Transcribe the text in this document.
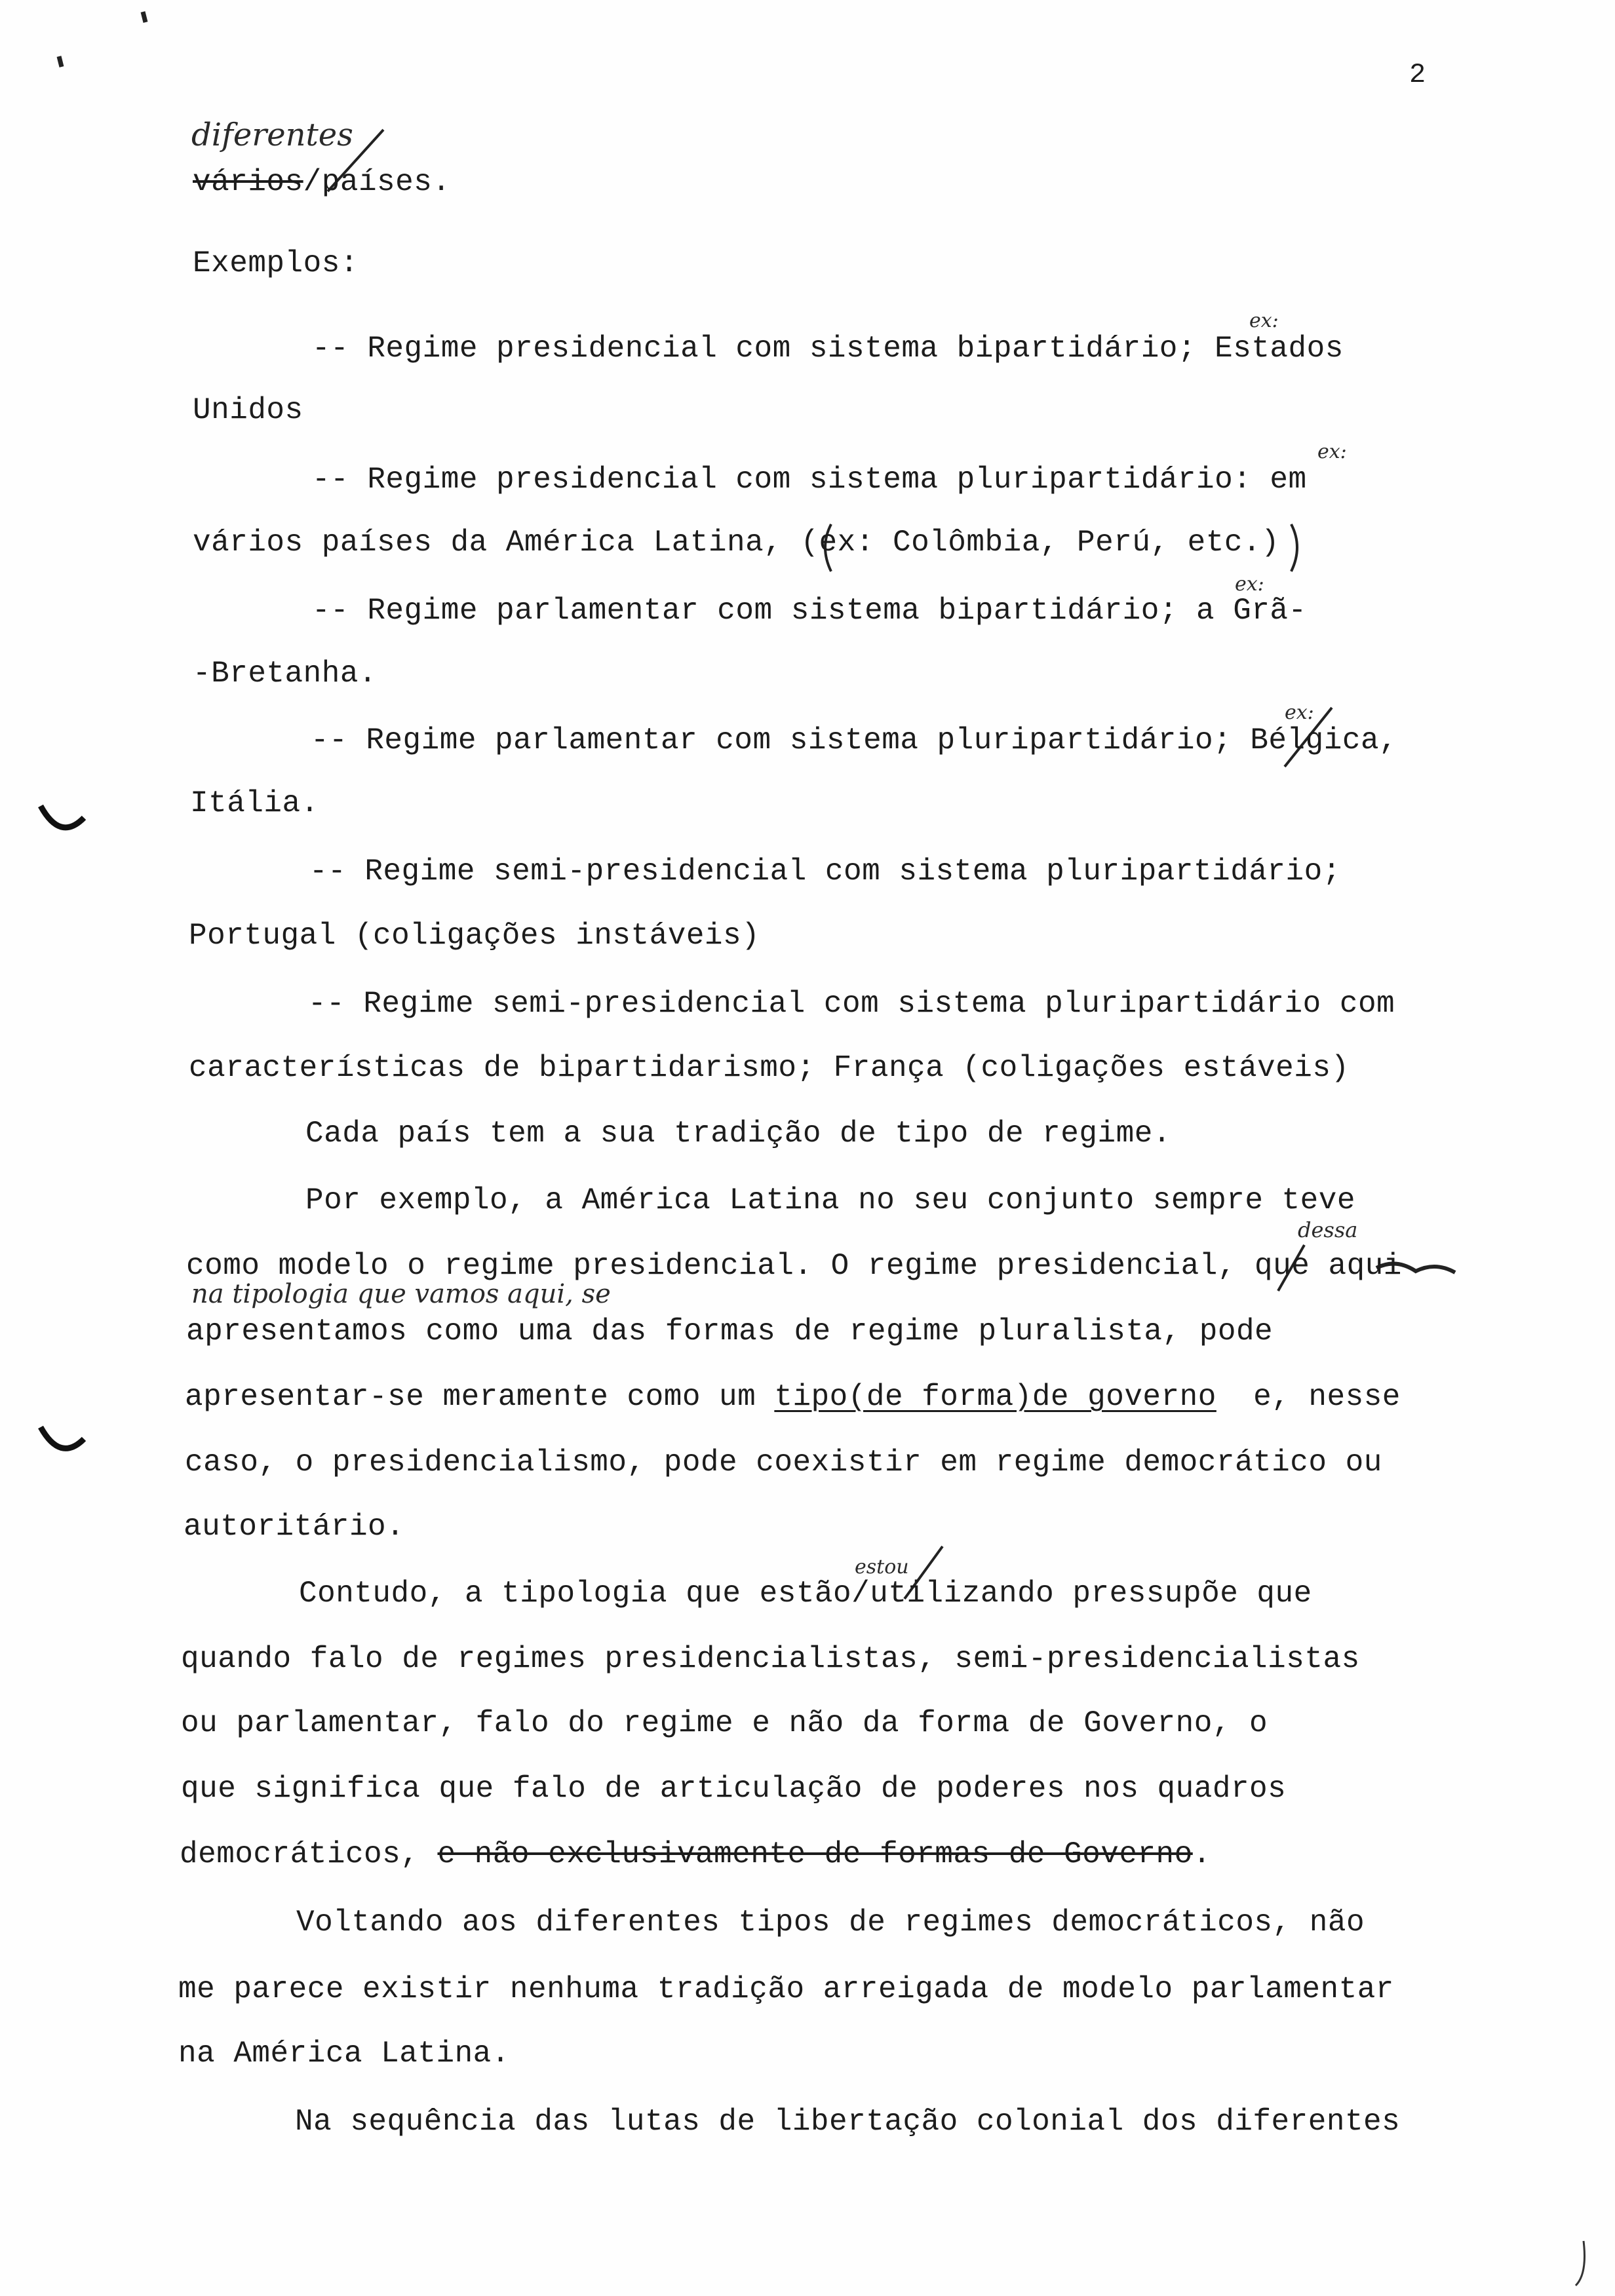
2
diferentes
ex:
ex:
ex:
ex:
dessa
na tipologia que vamos aqui, se
estou
vários/países.
Exemplos:
-- Regime presidencial com sistema bipartidário; Estados
Unidos
-- Regime presidencial com sistema pluripartidário: em
vários países da América Latina, (ex: Colômbia, Perú, etc.)
-- Regime parlamentar com sistema bipartidário; a Grã-
-Bretanha.
-- Regime parlamentar com sistema pluripartidário; Bélgica,
Itália.
-- Regime semi-presidencial com sistema pluripartidário;
Portugal (coligações instáveis)
-- Regime semi-presidencial com sistema pluripartidário com
características de bipartidarismo; França (coligações estáveis)
Cada país tem a sua tradição de tipo de regime.
Por exemplo, a América Latina no seu conjunto sempre teve
como modelo o regime presidencial. O regime presidencial, que aqui
apresentamos como uma das formas de regime pluralista, pode
apresentar-se meramente como um tipo(de forma)de governo  e, nesse
caso, o presidencialismo, pode coexistir em regime democrático ou
autoritário.
Contudo, a tipologia que estão/utilizando pressupõe que
quando falo de regimes presidencialistas, semi-presidencialistas
ou parlamentar, falo do regime e não da forma de Governo, o
que significa que falo de articulação de poderes nos quadros
democráticos, e não exclusivamente de formas de Governo.
Voltando aos diferentes tipos de regimes democráticos, não
me parece existir nenhuma tradição arreigada de modelo parlamentar
na América Latina.
Na sequência das lutas de libertação colonial dos diferentes
